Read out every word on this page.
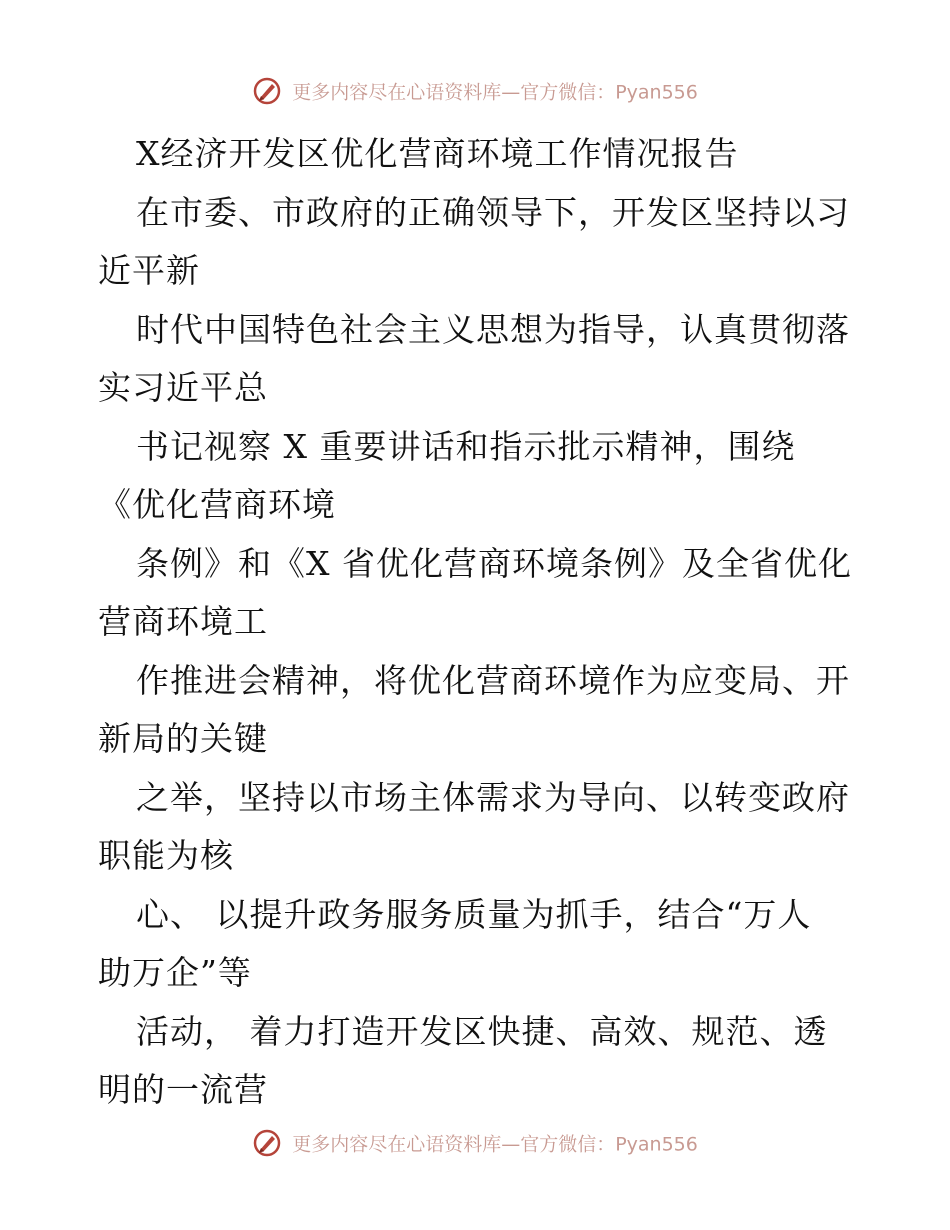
更多内容尽在心语资料库—官方微信：Pyan556
X经济开发区优化营商环境工作情况报告
在市委、市政府的正确领导下，开发区坚持以习
近平新
时代中国特色社会主义思想为指导，认真贯彻落
实习近平总
书记视察 X 重要讲话和指示批示精神，围绕
《优化营商环境
条例》和《X 省优化营商环境条例》及全省优化
营商环境工
作推进会精神，将优化营商环境作为应变局、开
新局的关键
之举，坚持以市场主体需求为导向、以转变政府
职能为核
心、 以提升政务服务质量为抓手，结合“万人
助万企”等
活动， 着力打造开发区快捷、高效、规范、透
明的一流营
更多内容尽在心语资料库—官方微信：Pyan556
